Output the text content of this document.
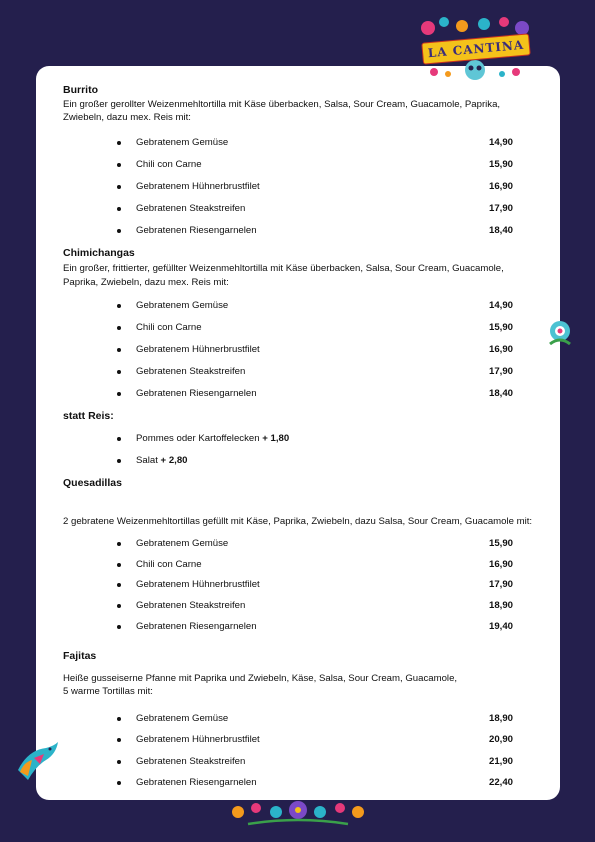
LA CANTINA
Burrito
Ein großer gerollter Weizenmehltortilla mit Käse überbacken, Salsa, Sour Cream, Guacamole, Paprika,
Zwiebeln, dazu mex. Reis mit:
Gebratenem Gemüse	14,90
Chili con Carne	15,90
Gebratenem Hühnerbrustfilet	16,90
Gebratenen Steakstreifen	17,90
Gebratenen Riesengarnelen	18,40
Chimichangas
Ein großer, frittierter, gefüllter Weizenmehltortilla mit Käse überbacken, Salsa, Sour Cream, Guacamole,
Paprika, Zwiebeln, dazu mex. Reis mit:
Gebratenem Gemüse	14,90
Chili con Carne	15,90
Gebratenem Hühnerbrustfilet	16,90
Gebratenen Steakstreifen	17,90
Gebratenen Riesengarnelen	18,40
statt Reis:
Pommes oder Kartoffelecken + 1,80
Salat + 2,80
Quesadillas
2 gebratene Weizenmehltortillas gefüllt mit Käse, Paprika, Zwiebeln, dazu Salsa, Sour Cream, Guacamole mit:
Gebratenem Gemüse	15,90
Chili con Carne	16,90
Gebratenem Hühnerbrustfilet	17,90
Gebratenen Steakstreifen	18,90
Gebratenen Riesengarnelen	19,40
Fajitas
Heiße gusseiserne Pfanne mit Paprika und Zwiebeln, Käse, Salsa, Sour Cream, Guacamole,
5 warme Tortillas mit:
Gebratenem Gemüse	18,90
Gebratenem Hühnerbrustfilet	20,90
Gebratenen Steakstreifen	21,90
Gebratenen Riesengarnelen	22,40
